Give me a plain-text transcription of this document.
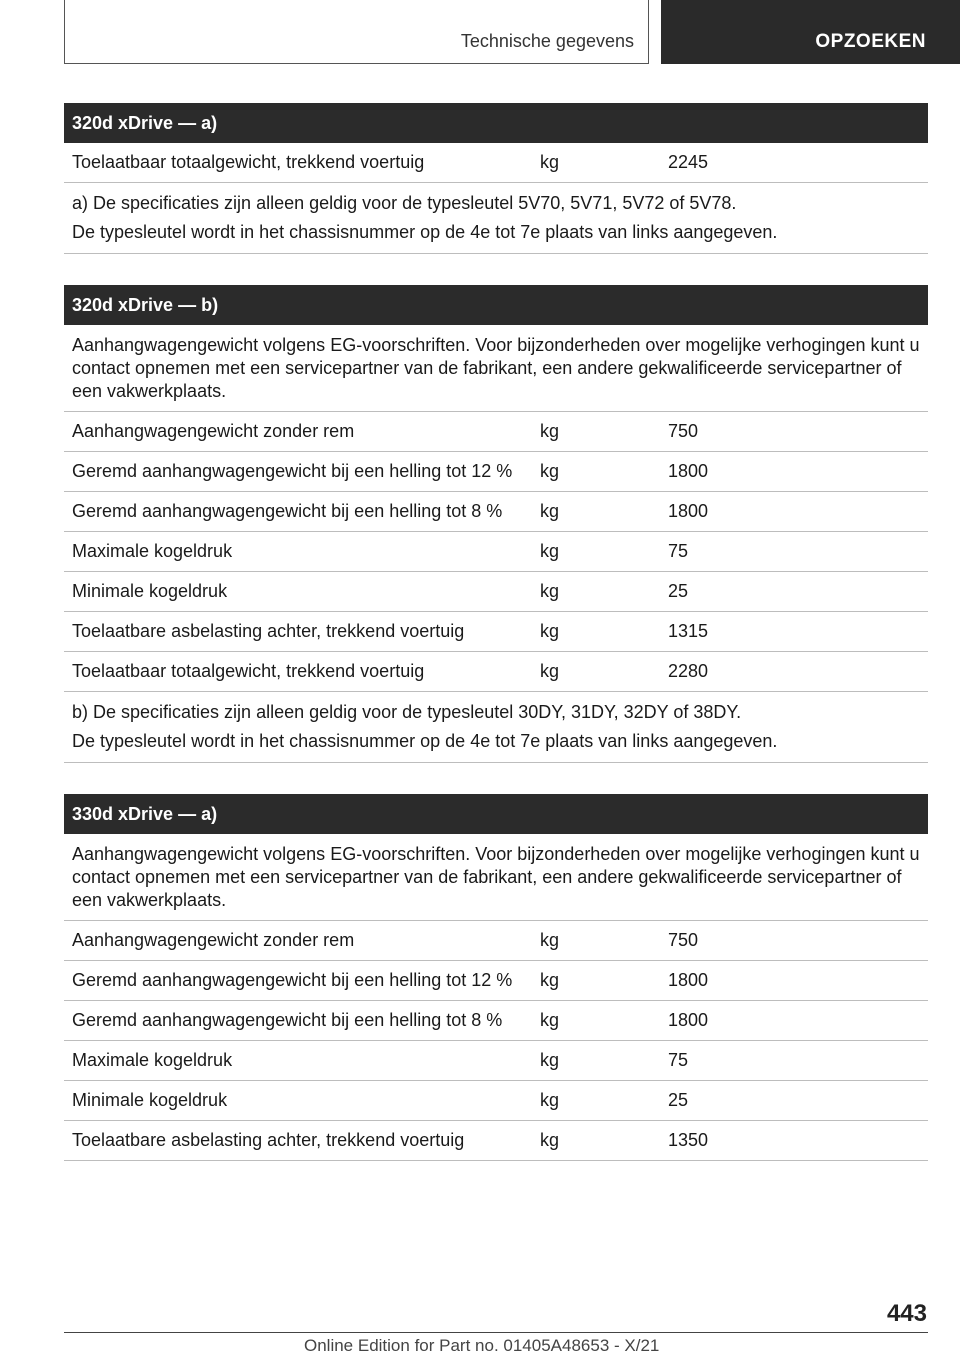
Technische gegevens	OPZOEKEN
320d xDrive — a)
Toelaatbaar totaalgewicht, trekkend voertuig	kg	2245
a) De specificaties zijn alleen geldig voor de typesleutel 5V70, 5V71, 5V72 of 5V78.
De typesleutel wordt in het chassisnummer op de 4e tot 7e plaats van links aangegeven.
320d xDrive — b)
Aanhangwagengewicht volgens EG-voorschriften. Voor bijzonderheden over mogelijke verhogingen kunt u contact opnemen met een servicepartner van de fabrikant, een andere gekwalificeerde servicepartner of een vakwerkplaats.
Aanhangwagengewicht zonder rem	kg	750
Geremd aanhangwagengewicht bij een helling tot 12 %	kg	1800
Geremd aanhangwagengewicht bij een helling tot 8 %	kg	1800
Maximale kogeldruk	kg	75
Minimale kogeldruk	kg	25
Toelaatbare asbelasting achter, trekkend voertuig	kg	1315
Toelaatbaar totaalgewicht, trekkend voertuig	kg	2280
b) De specificaties zijn alleen geldig voor de typesleutel 30DY, 31DY, 32DY of 38DY.
De typesleutel wordt in het chassisnummer op de 4e tot 7e plaats van links aangegeven.
330d xDrive — a)
Aanhangwagengewicht volgens EG-voorschriften. Voor bijzonderheden over mogelijke verhogingen kunt u contact opnemen met een servicepartner van de fabrikant, een andere gekwalificeerde servicepartner of een vakwerkplaats.
Aanhangwagengewicht zonder rem	kg	750
Geremd aanhangwagengewicht bij een helling tot 12 %	kg	1800
Geremd aanhangwagengewicht bij een helling tot 8 %	kg	1800
Maximale kogeldruk	kg	75
Minimale kogeldruk	kg	25
Toelaatbare asbelasting achter, trekkend voertuig	kg	1350
443
Online Edition for Part no. 01405A48653 - X/21
